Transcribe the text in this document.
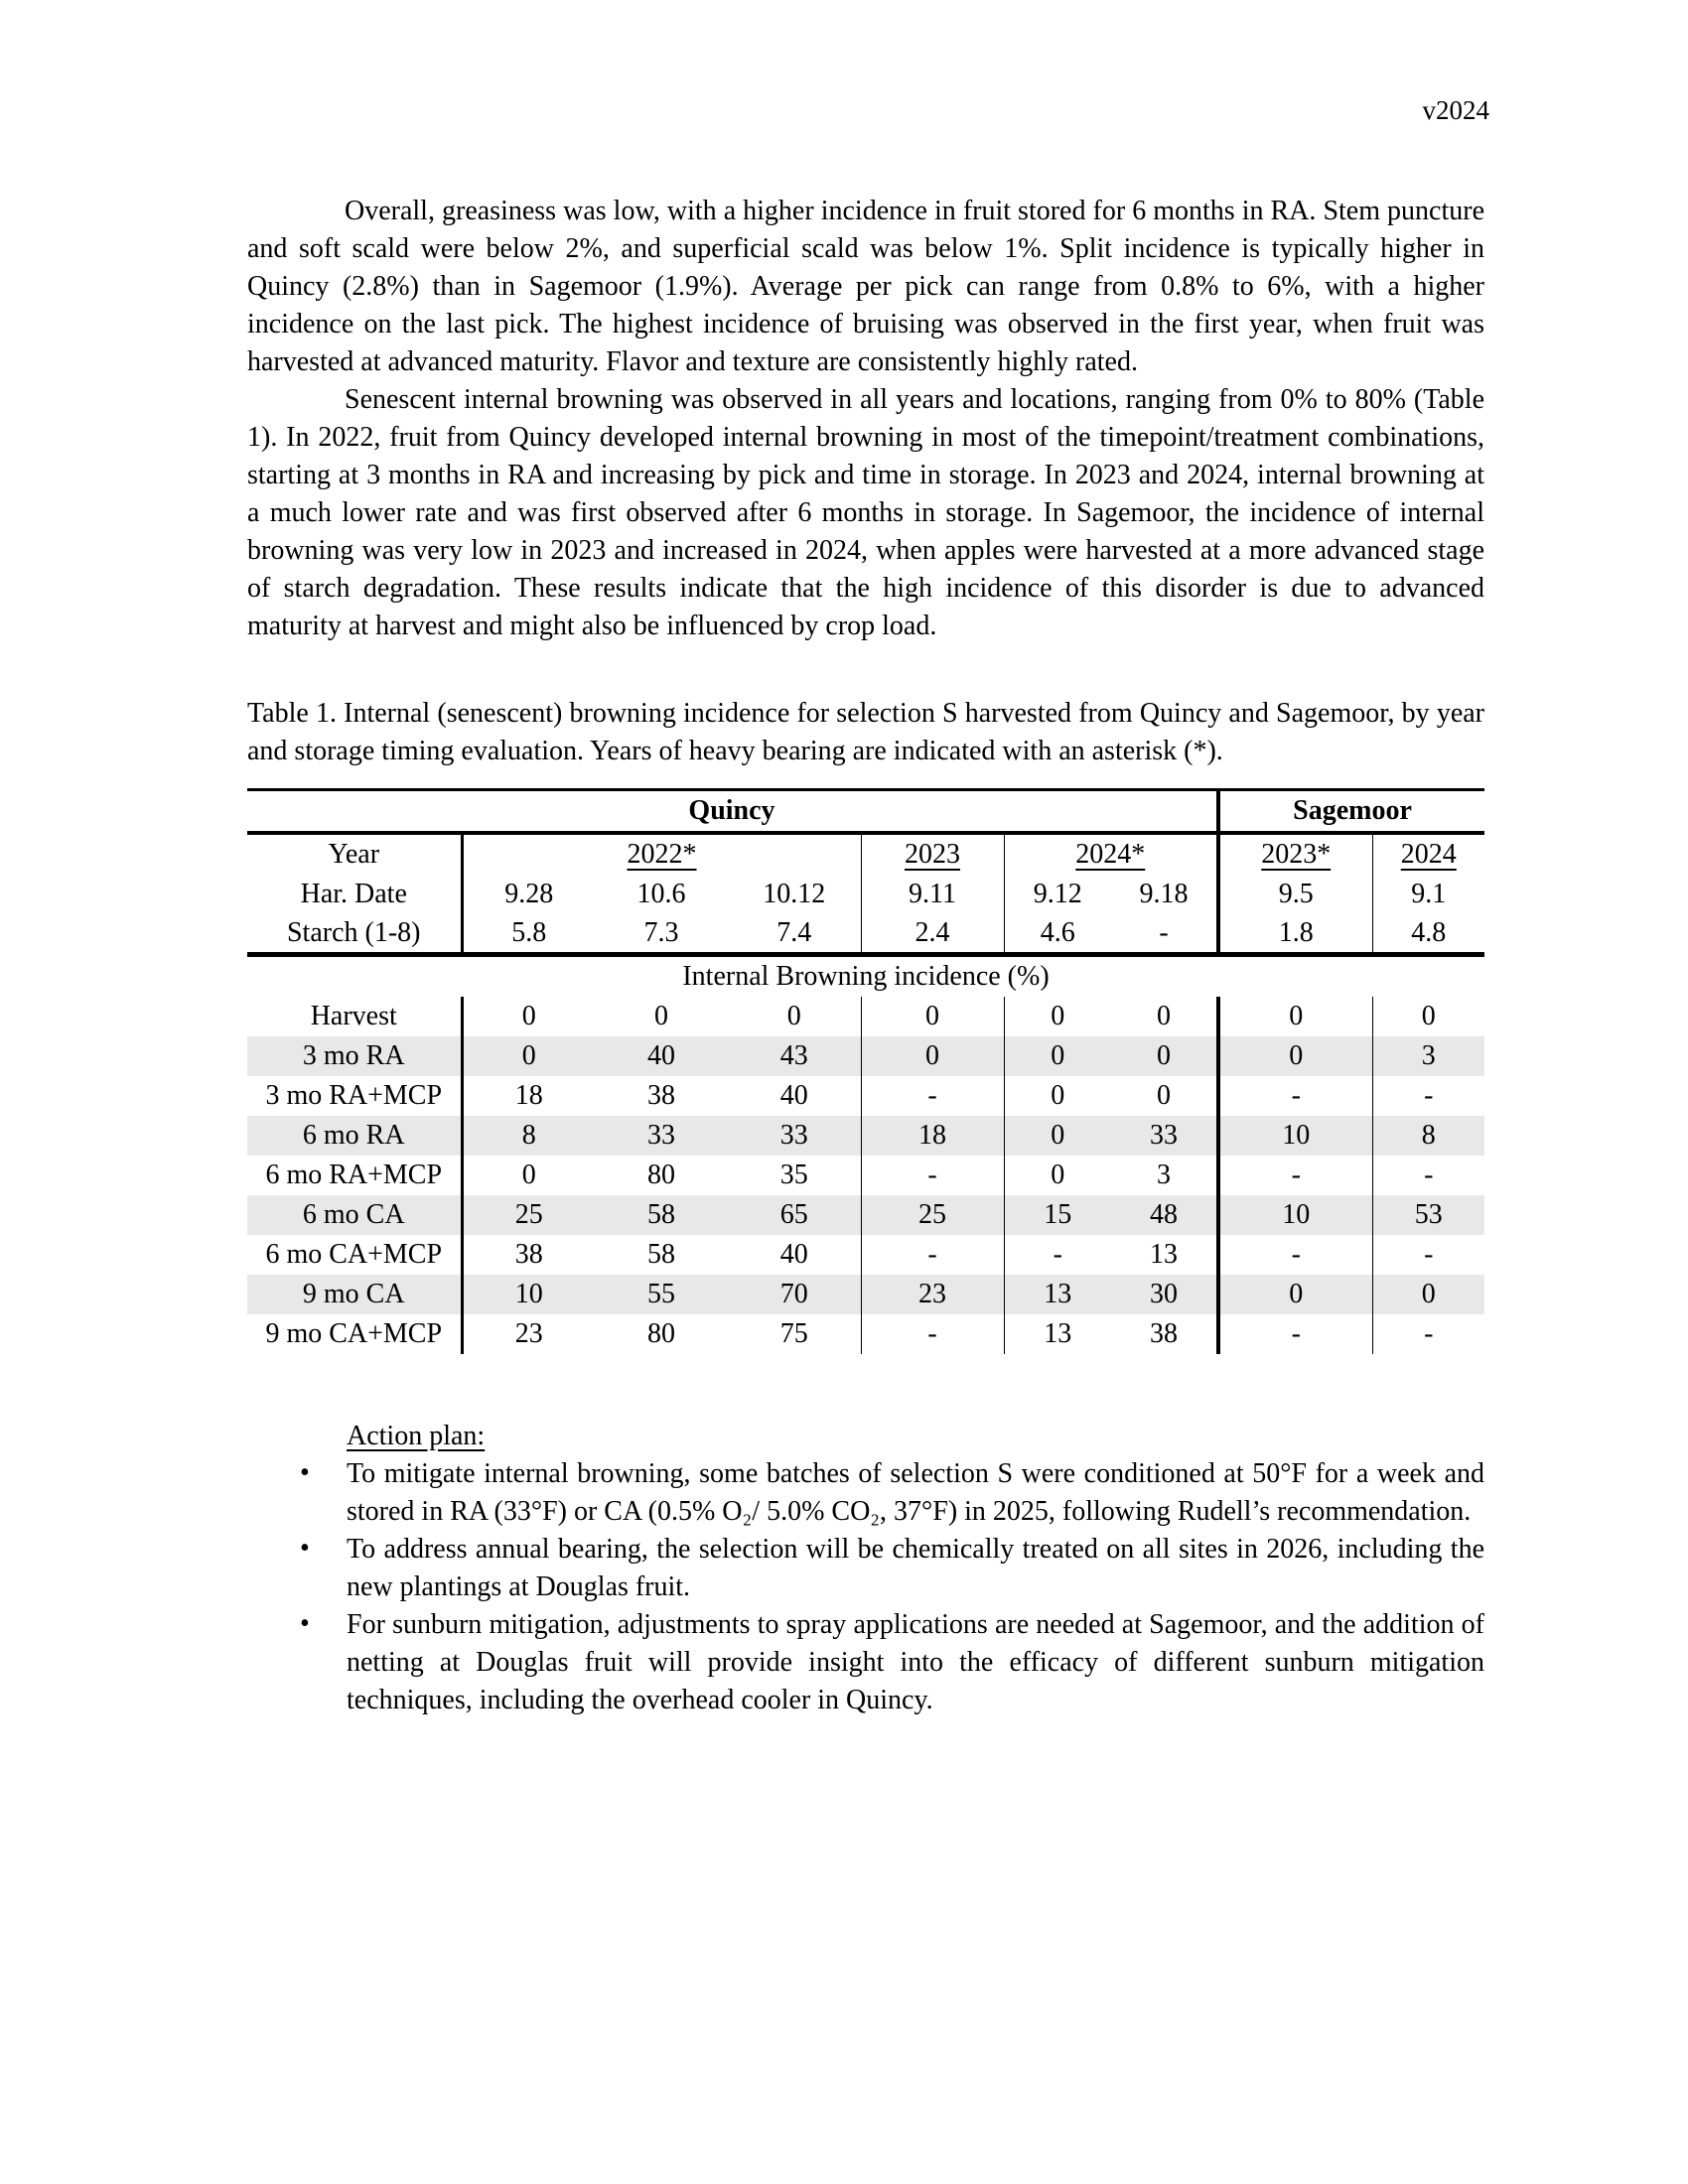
v2024

Overall, greasiness was low, with a higher incidence in fruit stored for 6 months in RA. Stem puncture and soft scald were below 2%, and superficial scald was below 1%. Split incidence is typically higher in Quincy (2.8%) than in Sagemoor (1.9%). Average per pick can range from 0.8% to 6%, with a higher incidence on the last pick. The highest incidence of bruising was observed in the first year, when fruit was harvested at advanced maturity. Flavor and texture are consistently highly rated.

Senescent internal browning was observed in all years and locations, ranging from 0% to 80% (Table 1). In 2022, fruit from Quincy developed internal browning in most of the timepoint/treatment combinations, starting at 3 months in RA and increasing by pick and time in storage. In 2023 and 2024, internal browning at a much lower rate and was first observed after 6 months in storage. In Sagemoor, the incidence of internal browning was very low in 2023 and increased in 2024, when apples were harvested at a more advanced stage of starch degradation. These results indicate that the high incidence of this disorder is due to advanced maturity at harvest and might also be influenced by crop load.

Table 1. Internal (senescent) browning incidence for selection S harvested from Quincy and Sagemoor, by year and storage timing evaluation. Years of heavy bearing are indicated with an asterisk (*).

Quincy							Sagemoor	
Year	2022*			2023	2024*		2023*	2024
Har. Date	9.28	10.6	10.12	9.11	9.12	9.18	9.5	9.1
Starch (1-8)	5.8	7.3	7.4	2.4	4.6	-	1.8	4.8
Internal Browning incidence (%)								
Harvest	0	0	0	0	0	0	0	0
3 mo RA	0	40	43	0	0	0	0	3
3 mo RA+MCP	18	38	40	-	0	0	-	-
6 mo RA	8	33	33	18	0	33	10	8
6 mo RA+MCP	0	80	35	-	0	3	-	-
6 mo CA	25	58	65	25	15	48	10	53
6 mo CA+MCP	38	58	40	-	-	13	-	-
9 mo CA	10	55	70	23	13	30	0	0
9 mo CA+MCP	23	80	75	-	13	38	-	-

Action plan:

• To mitigate internal browning, some batches of selection S were conditioned at 50°F for a week and stored in RA (33°F) or CA (0.5% O₂/ 5.0% CO₂, 37°F) in 2025, following Rudell’s recommendation.

• To address annual bearing, the selection will be chemically treated on all sites in 2026, including the new plantings at Douglas fruit.

• For sunburn mitigation, adjustments to spray applications are needed at Sagemoor, and the addition of netting at Douglas fruit will provide insight into the efficacy of different sunburn mitigation techniques, including the overhead cooler in Quincy.
